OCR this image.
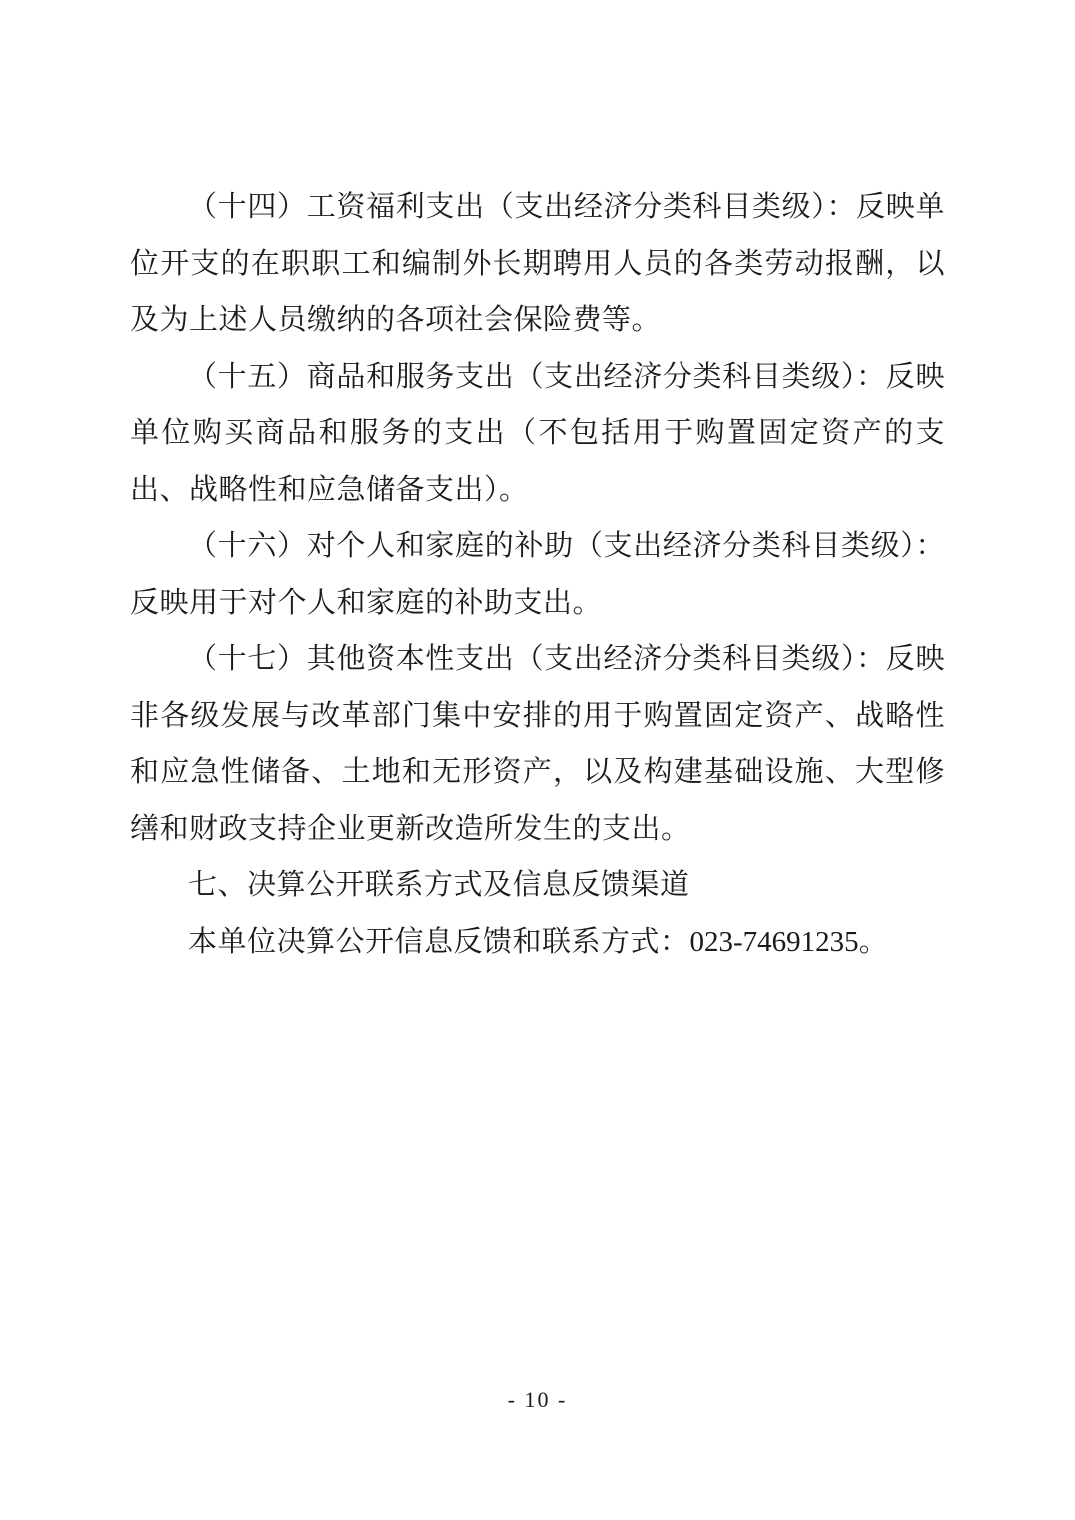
（十四）工资福利支出（支出经济分类科目类级）：反映单位开支的在职职工和编制外长期聘用人员的各类劳动报酬，以及为上述人员缴纳的各项社会保险费等。

（十五）商品和服务支出（支出经济分类科目类级）：反映单位购买商品和服务的支出（不包括用于购置固定资产的支出、战略性和应急储备支出）。

（十六）对个人和家庭的补助（支出经济分类科目类级）：反映用于对个人和家庭的补助支出。

（十七）其他资本性支出（支出经济分类科目类级）：反映非各级发展与改革部门集中安排的用于购置固定资产、战略性和应急性储备、土地和无形资产，以及构建基础设施、大型修缮和财政支持企业更新改造所发生的支出。

七、决算公开联系方式及信息反馈渠道

本单位决算公开信息反馈和联系方式：023-74691235。

- 10 -
